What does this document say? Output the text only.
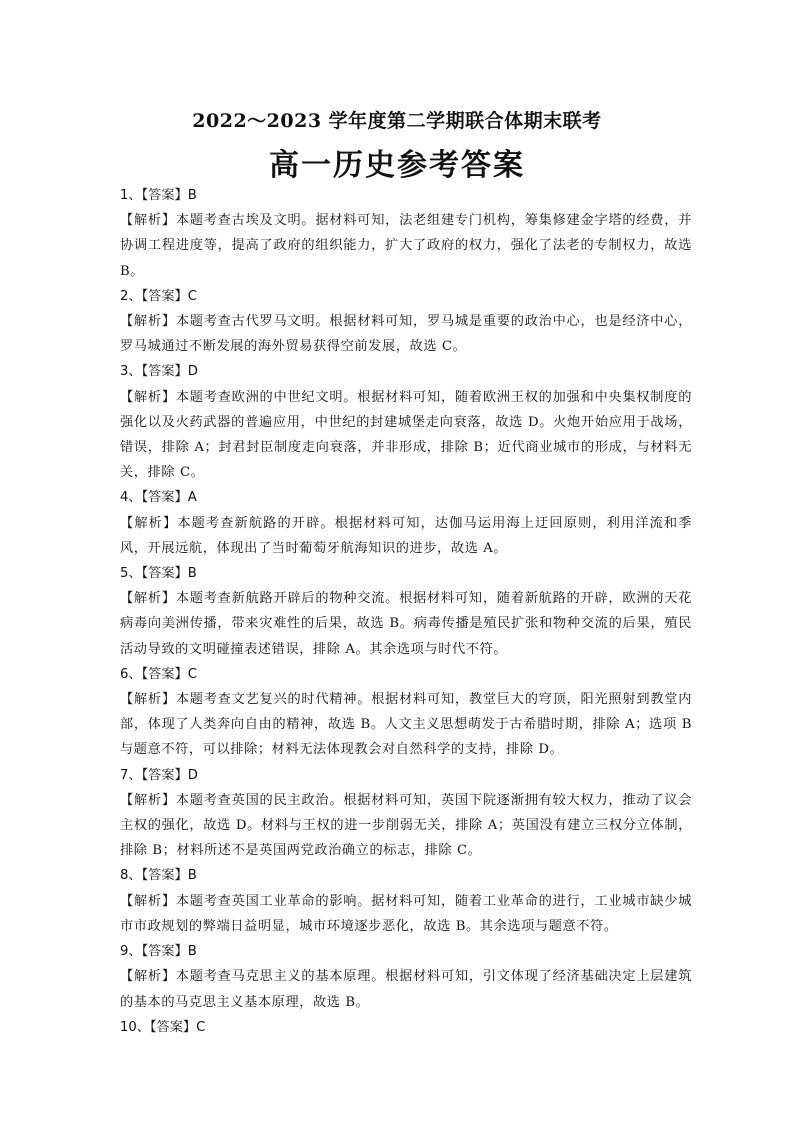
2022～2023 学年度第二学期联合体期末联考
高一历史参考答案

1、【答案】B

【解析】本题考查古埃及文明。据材料可知，法老组建专门机构，筹集修建金字塔的经费，并协调工程进度等，提高了政府的组织能力，扩大了政府的权力，强化了法老的专制权力，故选 B。

2、【答案】C

【解析】本题考查古代罗马文明。根据材料可知，罗马城是重要的政治中心，也是经济中心，罗马城通过不断发展的海外贸易获得空前发展，故选 C。

3、【答案】D

【解析】本题考查欧洲的中世纪文明。根据材料可知，随着欧洲王权的加强和中央集权制度的强化以及火药武器的普遍应用，中世纪的封建城堡走向衰落，故选 D。火炮开始应用于战场，错误，排除 A；封君封臣制度走向衰落，并非形成，排除 B；近代商业城市的形成，与材料无关，排除 C。

4、【答案】A

【解析】本题考查新航路的开辟。根据材料可知，达伽马运用海上迂回原则，利用洋流和季风，开展远航，体现出了当时葡萄牙航海知识的进步，故选 A。

5、【答案】B

【解析】本题考查新航路开辟后的物种交流。根据材料可知，随着新航路的开辟，欧洲的天花病毒向美洲传播，带来灾难性的后果，故选 B。病毒传播是殖民扩张和物种交流的后果，殖民活动导致的文明碰撞表述错误，排除 A。其余选项与时代不符。

6、【答案】C

【解析】本题考查文艺复兴的时代精神。根据材料可知，教堂巨大的穹顶，阳光照射到教堂内部，体现了人类奔向自由的精神，故选 B。人文主义思想萌发于古希腊时期，排除 A；选项 B 与题意不符，可以排除；材料无法体现教会对自然科学的支持，排除 D。

7、【答案】D

【解析】本题考查英国的民主政治。根据材料可知，英国下院逐渐拥有较大权力，推动了议会主权的强化，故选 D。材料与王权的进一步削弱无关，排除 A；英国没有建立三权分立体制，排除 B；材料所述不是英国两党政治确立的标志，排除 C。

8、【答案】B

【解析】本题考查英国工业革命的影响。据材料可知，随着工业革命的进行，工业城市缺少城市市政规划的弊端日益明显，城市环境逐步恶化，故选 B。其余选项与题意不符。

9、【答案】B

【解析】本题考查马克思主义的基本原理。根据材料可知，引文体现了经济基础决定上层建筑的基本的马克思主义基本原理，故选 B。

10、【答案】C
